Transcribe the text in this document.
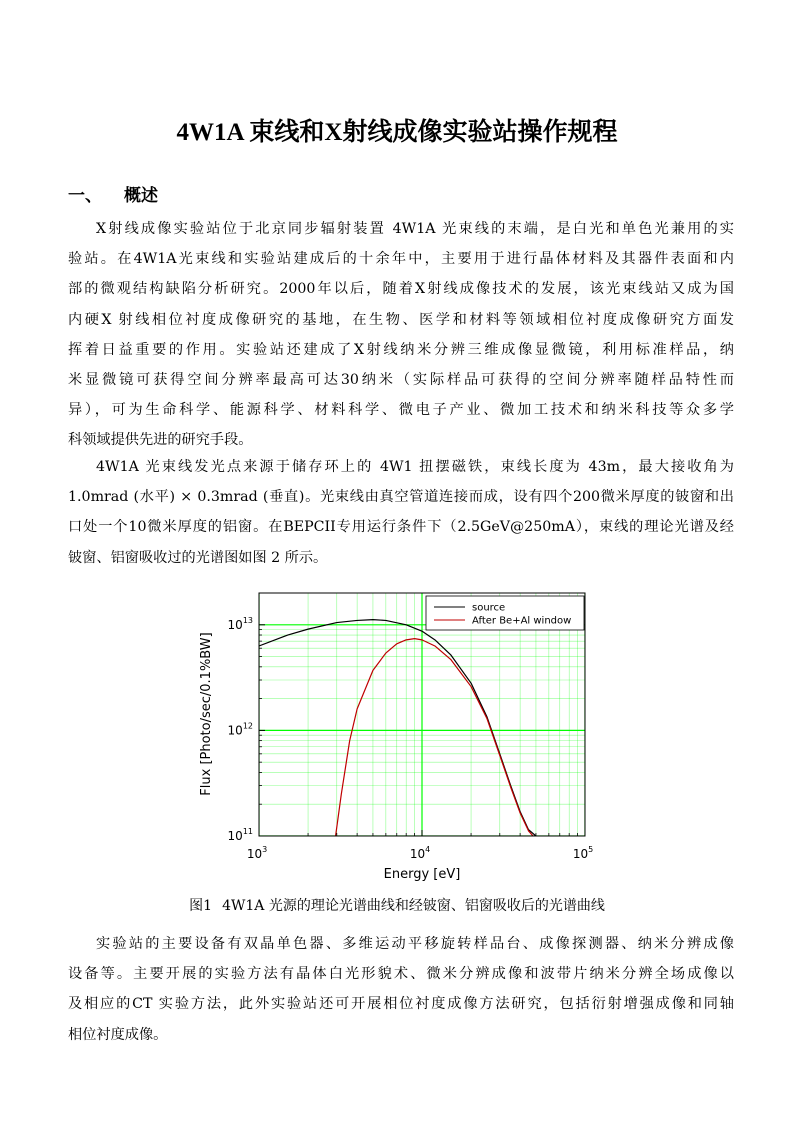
4W1A 束线和X射线成像实验站操作规程
一、 概述

X射线成像实验站位于北京同步辐射装置 4W1A 光束线的末端，是白光和单色光兼用的实
验站。在4W1A光束线和实验站建成后的十余年中，主要用于进行晶体材料及其器件表面和内
部的微观结构缺陷分析研究。2000年以后，随着X射线成像技术的发展，该光束线站又成为国
内硬X 射线相位衬度成像研究的基地，在生物、医学和材料等领域相位衬度成像研究方面发
挥着日益重要的作用。实验站还建成了X射线纳米分辨三维成像显微镜，利用标准样品，纳
米显微镜可获得空间分辨率最高可达30纳米（实际样品可获得的空间分辨率随样品特性而
异），可为生命科学、能源科学、材料科学、微电子产业、微加工技术和纳米科技等众多学
科领域提供先进的研究手段。

4W1A 光束线发光点来源于储存环上的 4W1 扭摆磁铁，束线长度为 43m，最大接收角为
1.0mrad (水平) × 0.3mrad (垂直)。光束线由真空管道连接而成，设有四个200微米厚度的铍窗和出
口处一个10微米厚度的铝窗。在BEPCII专用运行条件下（2.5GeV@250mA），束线的理论光谱及经
铍窗、铝窗吸收过的光谱图如图 2 所示。

$10^3$	$10^4$	$10^5$
$10^{11}$
$10^{12}$
$10^{13}$
source
After Be+Al window
Energy [eV]
Flux [Photo/sec/0.1%BW]
图1 4W1A 光源的理论光谱曲线和经铍窗、铝窗吸收后的光谱曲线

实验站的主要设备有双晶单色器、多维运动平移旋转样品台、成像探测器、纳米分辨成像
设备等。主要开展的实验方法有晶体白光形貌术、微米分辨成像和波带片纳米分辨全场成像以
及相应的CT 实验方法，此外实验站还可开展相位衬度成像方法研究，包括衍射增强成像和同轴
相位衬度成像。
